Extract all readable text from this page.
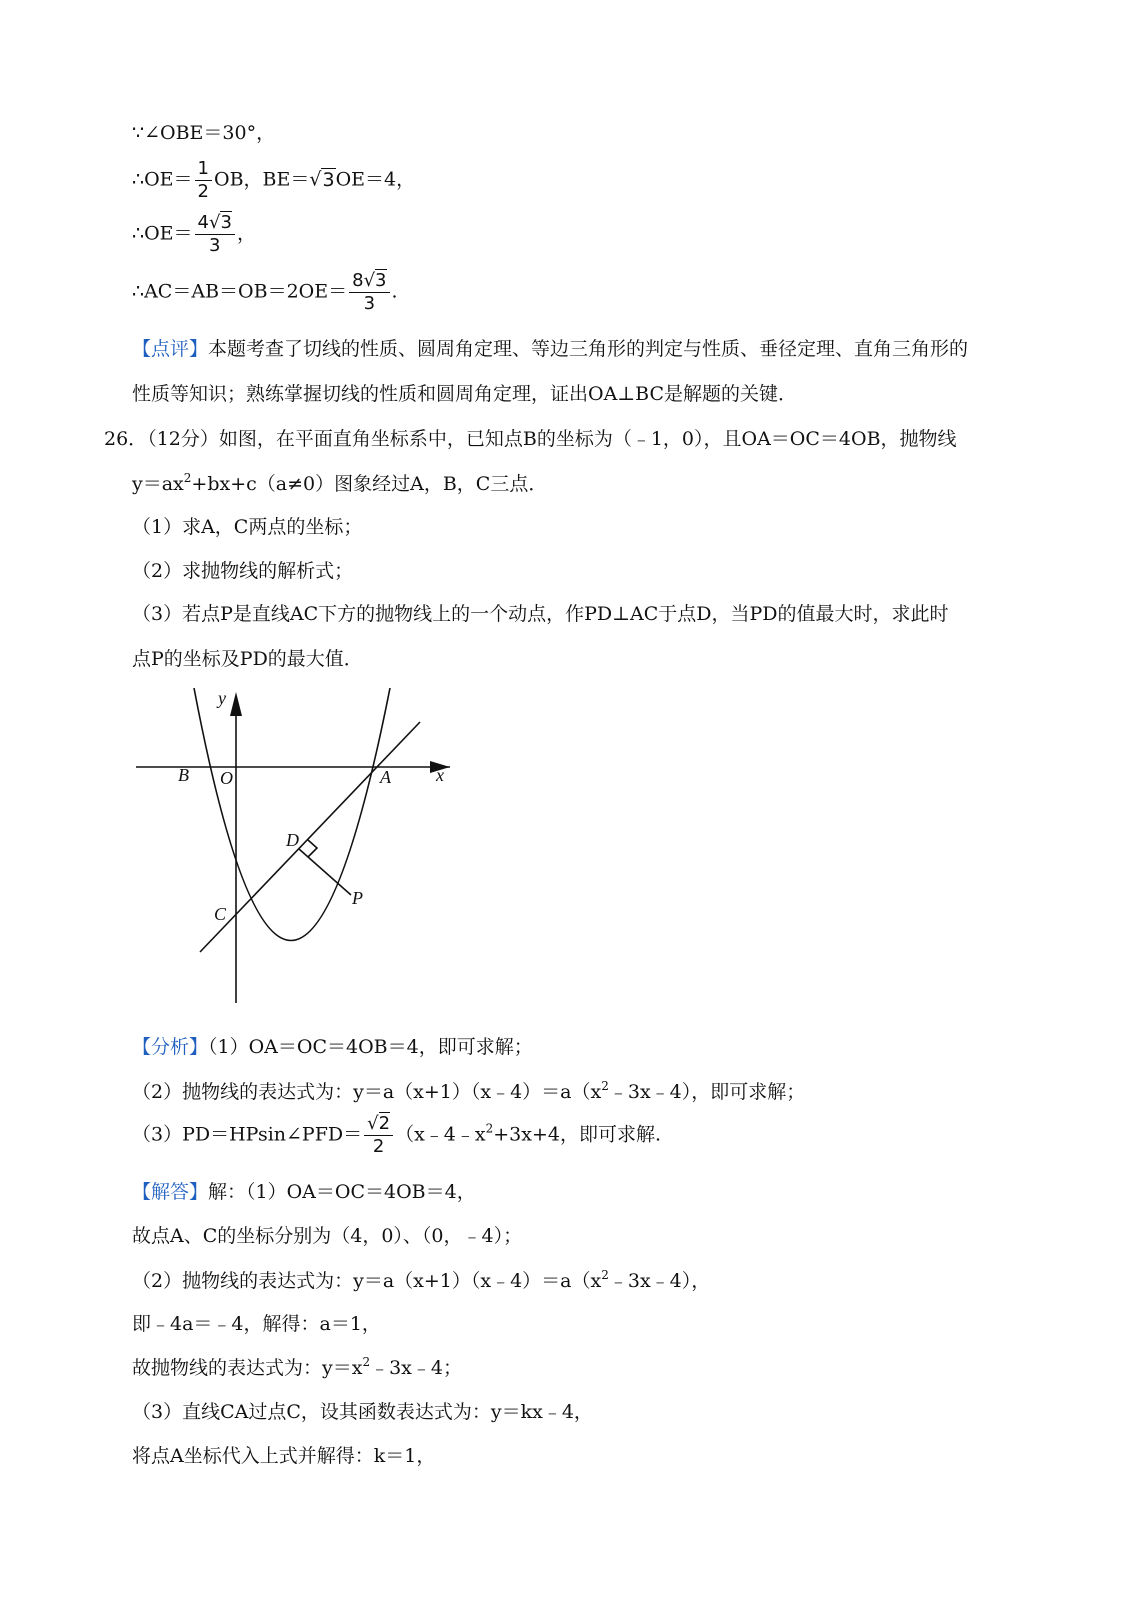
∵∠OBE＝30°，
∴OE＝ $\frac{1}{2}$ OB，BE＝√3OE＝4，
∴OE＝ $\frac{4√3}{3}$ ，
∴AC＝AB＝OB＝2OE＝ $\frac{8√3}{3}$ .
【点评】本题考查了切线的性质、圆周角定理、等边三角形的判定与性质、垂径定理、直角三角形的
性质等知识；熟练掌握切线的性质和圆周角定理，证出OA⊥BC是解题的关键．
26．（12分）如图，在平面直角坐标系中，已知点B的坐标为（﹣1，0），且OA＝OC＝4OB，抛物线
$y=ax^2+bx+c(a\ne 0)$图象经过A，B，C三点．
（1）求A，C两点的坐标；
（2）求抛物线的解析式；
（3）若点P是直线AC下方的抛物线上的一个动点，作PD⊥AC于点D，当PD的值最大时，求此时
点P的坐标及PD的最大值．
y
x
B O	A
D
C
P
【分析】（1）OA＝OC＝4OB＝4，即可求解；
（2）抛物线的表达式为：$y=a(x+1)(x﹣4)=a(x^2﹣3x﹣4)$，即可求解；
（3）PD＝HPsin∠PFD＝ $\frac{√2}{2}$ （$x﹣4﹣x^2+3x+4$，即可求解.
【解答】解：（1）OA＝OC＝4OB＝4，
故点A、C的坐标分别为（4，0）、（0，﹣4）；
（2）抛物线的表达式为：$y=a(x+1)(x﹣4)=a(x^2﹣3x﹣4)$，
即﹣4a＝﹣4，解得：a＝1，
故抛物线的表达式为：$y=x^2﹣3x﹣4$；
（3）直线CA过点C，设其函数表达式为：y＝kx﹣4，
将点A坐标代入上式并解得：k＝1，
